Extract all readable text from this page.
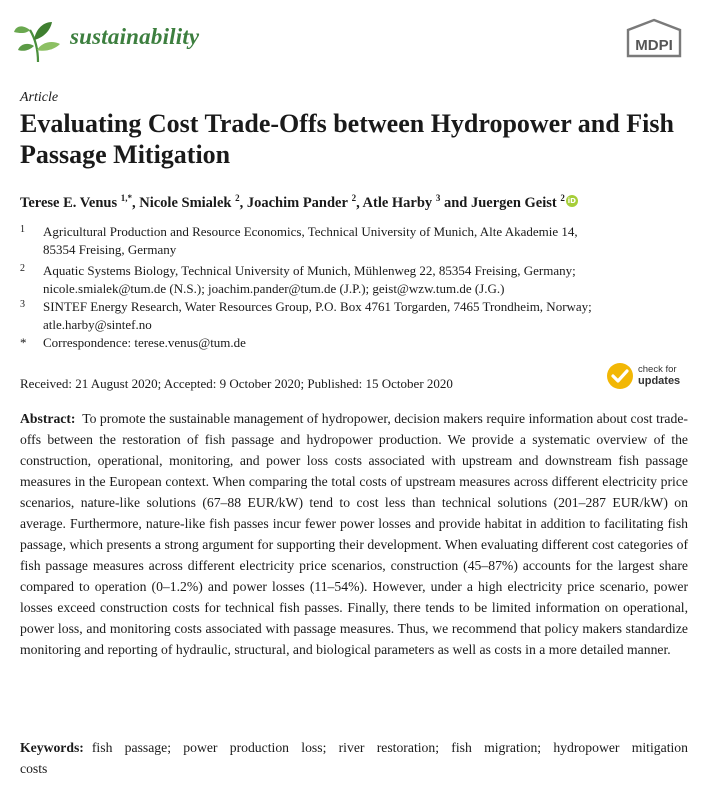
sustainability	MDPI
Article
Evaluating Cost Trade-Offs between Hydropower and Fish Passage Mitigation
Terese E. Venus $^{1,*}$, Nicole Smialek $^2$, Joachim Pander $^2$, Atle Harby $^3$ and Juergen Geist $^2$ iD
1 Agricultural Production and Resource Economics, Technical University of Munich, Alte Akademie 14,
85354 Freising, Germany
2 Aquatic Systems Biology, Technical University of Munich, Mühlenweg 22, 85354 Freising, Germany;
nicole.smialek@tum.de (N.S.); joachim.pander@tum.de (J.P.); geist@wzw.tum.de (J.G.)
3 SINTEF Energy Research, Water Resources Group, P.O. Box 4761 Torgarden, 7465 Trondheim, Norway;
atle.harby@sintef.no
* Correspondence: terese.venus@tum.de
Received: 21 August 2020; Accepted: 9 October 2020; Published: 15 October 2020
check for
updates

Abstract: To promote the sustainable management of hydropower, decision makers require information about cost trade-offs between the restoration of fish passage and hydropower production. We provide a systematic overview of the construction, operational, monitoring, and power loss costs associated with upstream and downstream fish passage measures in the European context. When comparing the total costs of upstream measures across different electricity price scenarios, nature-like solutions (67–88 EUR/kW) tend to cost less than technical solutions (201–287 EUR/kW) on average. Furthermore, nature-like fish passes incur fewer power losses and provide habitat in addition to facilitating fish passage, which presents a strong argument for supporting their development. When evaluating different cost categories of fish passage measures across different electricity price scenarios, construction (45–87%) accounts for the largest share compared to operation (0–1.2%) and power losses (11–54%). However, under a high electricity price scenario, power losses exceed construction costs for technical fish passes. Finally, there tends to be limited information on operational, power loss, and monitoring costs associated with passage measures. Thus, we recommend that policy makers standardize monitoring and reporting of hydraulic, structural, and biological parameters as well as costs in a more detailed manner.

Keywords: fish passage; power production loss; river restoration; fish migration; hydropower mitigation costs
